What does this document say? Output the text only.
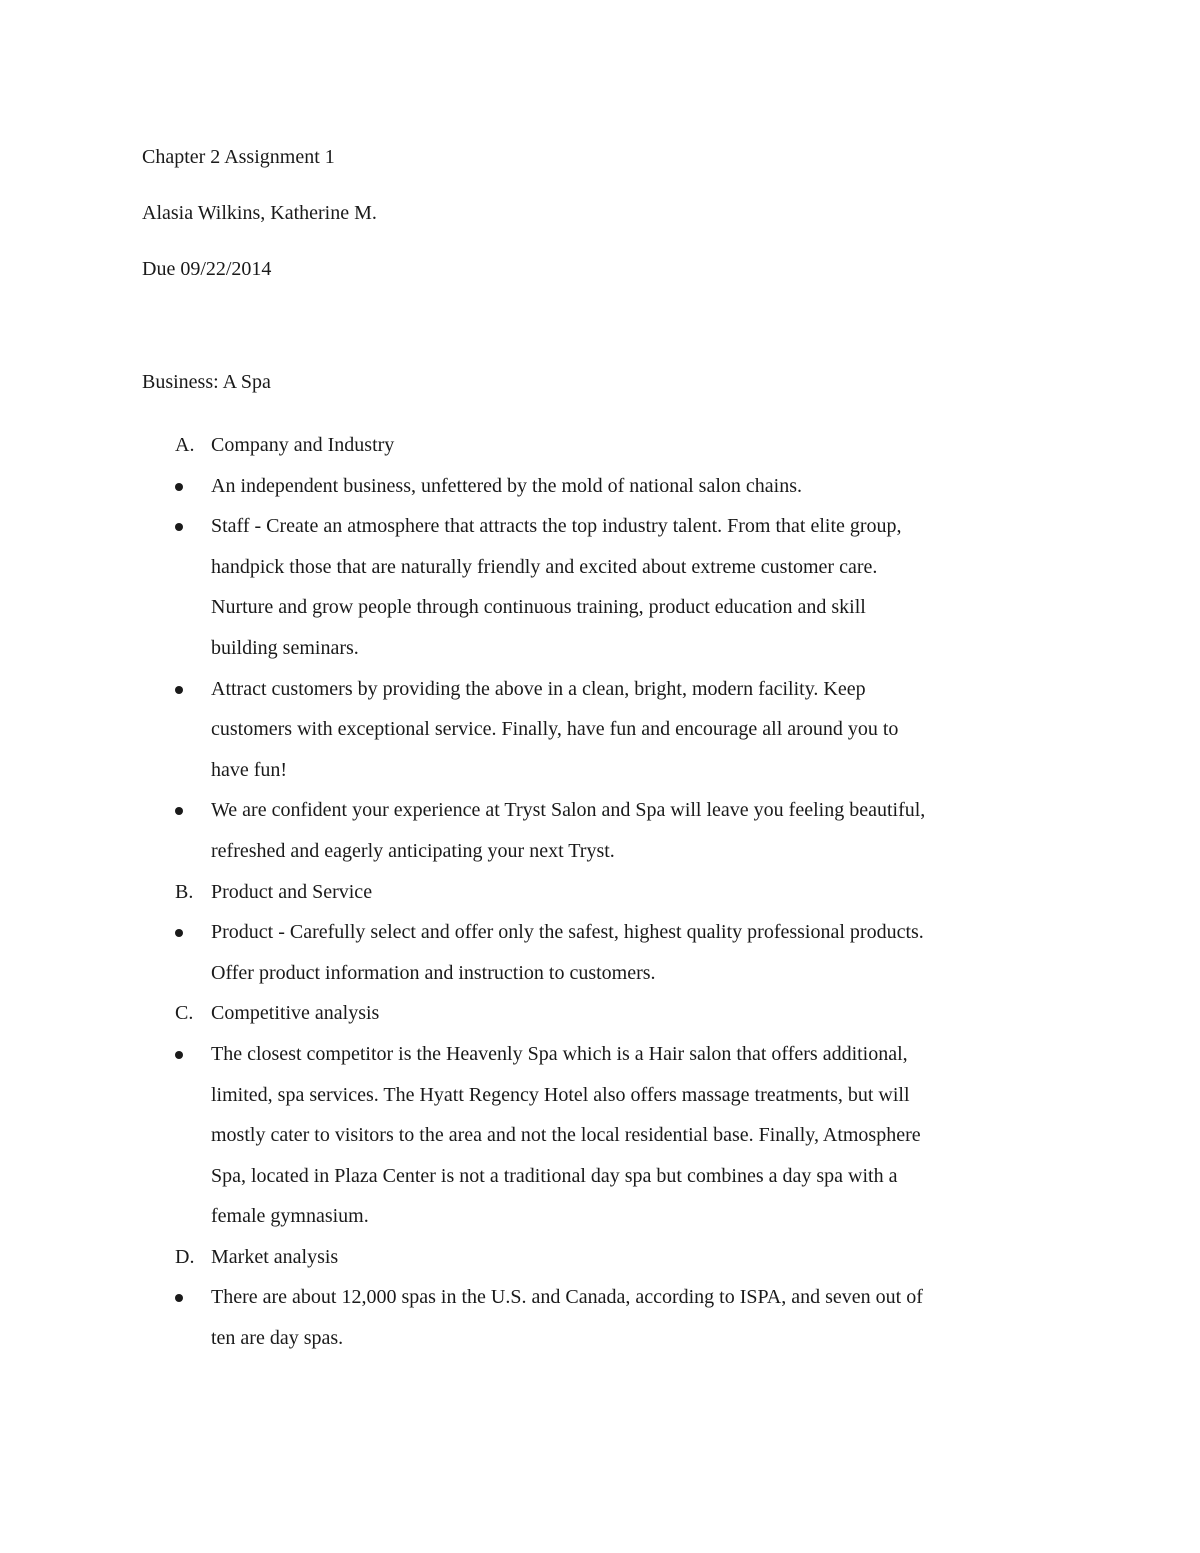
Chapter 2 Assignment 1
Alasia Wilkins, Katherine M.
Due 09/22/2014
Business: A Spa
A. Company and Industry
An independent business, unfettered by the mold of national salon chains.
Staff - Create an atmosphere that attracts the top industry talent. From that elite group,
handpick those that are naturally friendly and excited about extreme customer care.
Nurture and grow people through continuous training, product education and skill
building seminars.
Attract customers by providing the above in a clean, bright, modern facility. Keep
customers with exceptional service. Finally, have fun and encourage all around you to
have fun!
We are confident your experience at Tryst Salon and Spa will leave you feeling beautiful,
refreshed and eagerly anticipating your next Tryst.
B. Product and Service
Product - Carefully select and offer only the safest, highest quality professional products.
Offer product information and instruction to customers.
C. Competitive analysis
The closest competitor is the Heavenly Spa which is a Hair salon that offers additional,
limited, spa services. The Hyatt Regency Hotel also offers massage treatments, but will
mostly cater to visitors to the area and not the local residential base. Finally, Atmosphere
Spa, located in Plaza Center is not a traditional day spa but combines a day spa with a
female gymnasium.
D. Market analysis
There are about 12,000 spas in the U.S. and Canada, according to ISPA, and seven out of
ten are day spas.
